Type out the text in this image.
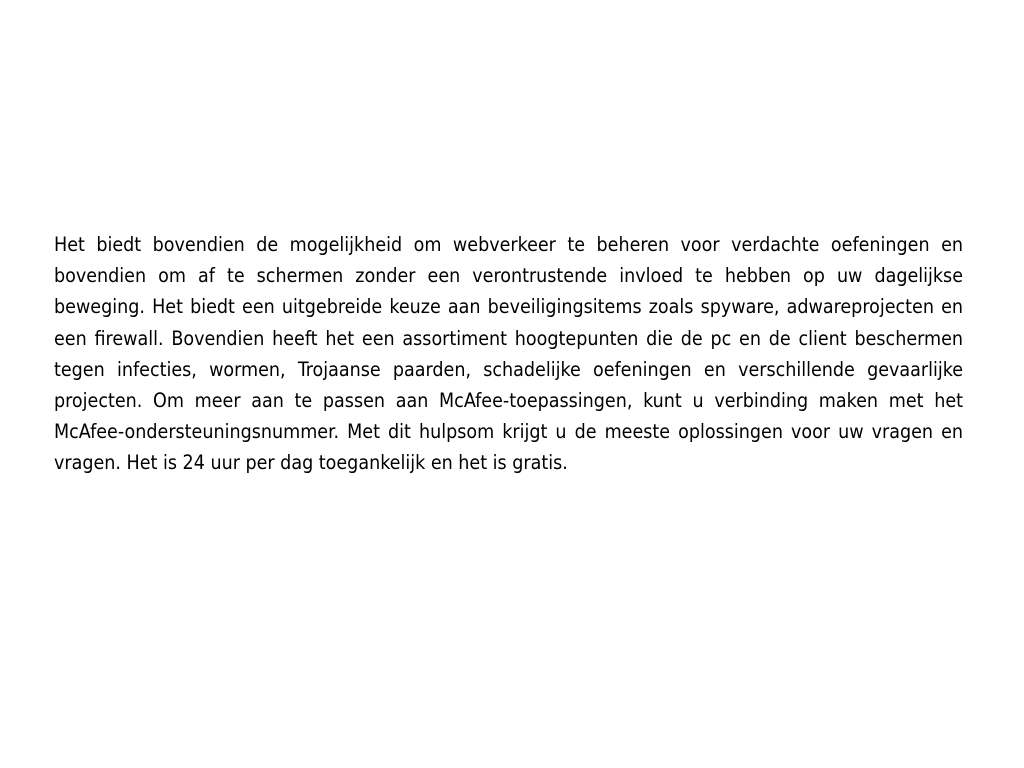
Het biedt bovendien de mogelijkheid om webverkeer te beheren voor verdachte oefeningen en bovendien om af te schermen zonder een verontrustende invloed te hebben op uw dagelijkse beweging. Het biedt een uitgebreide keuze aan beveiligingsitems zoals spyware, adwareprojecten en een firewall. Bovendien heeft het een assortiment hoogtepunten die de pc en de client beschermen tegen infecties, wormen, Trojaanse paarden, schadelijke oefeningen en verschillende gevaarlijke projecten. Om meer aan te passen aan McAfee-toepassingen, kunt u verbinding maken met het McAfee-ondersteuningsnummer. Met dit hulpsom krijgt u de meeste oplossingen voor uw vragen en vragen. Het is 24 uur per dag toegankelijk en het is gratis.
